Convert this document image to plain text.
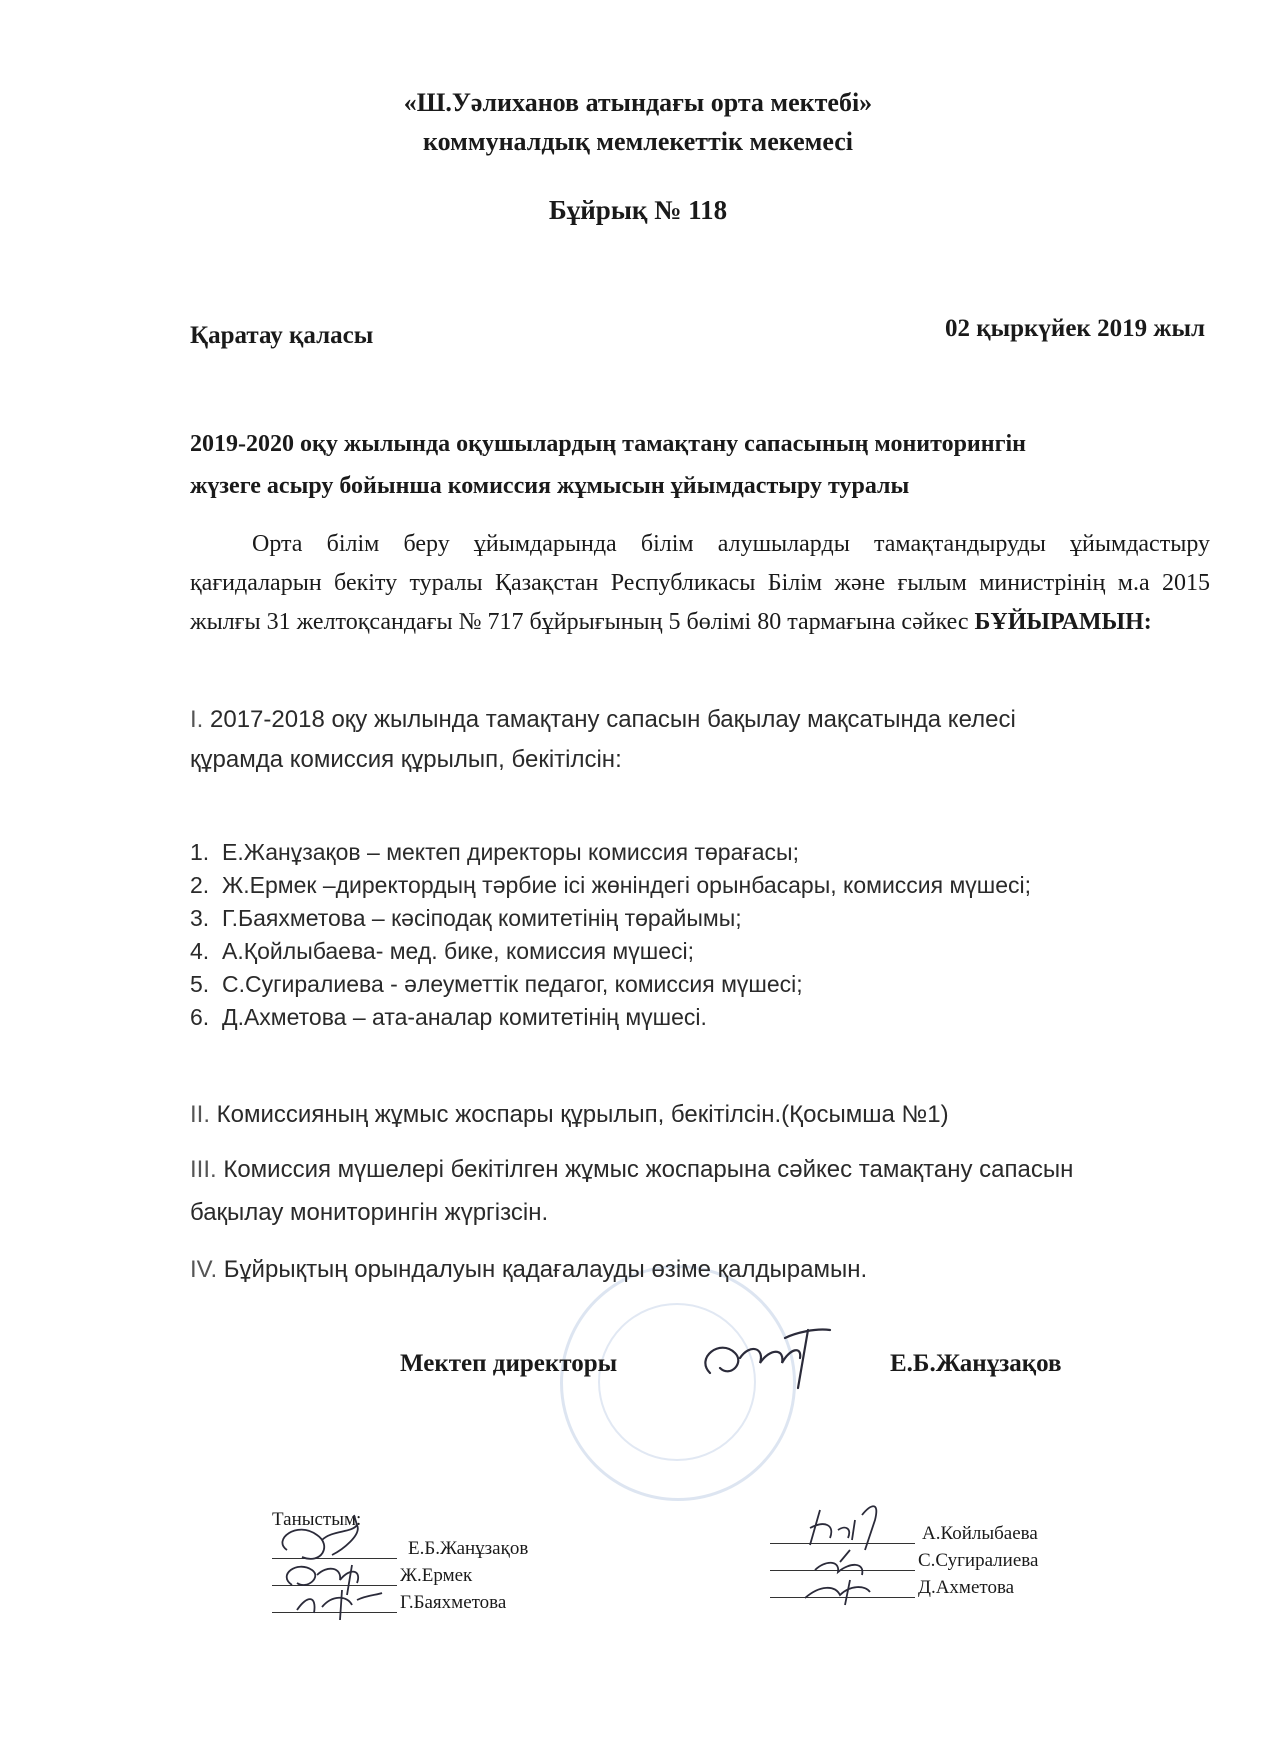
«Ш.Уәлиханов атындағы орта мектебі»
коммуналдық мемлекеттік мекемесі
Бұйрық № 118
Қаратау қаласы	02 қыркүйек 2019 жыл
2019-2020 оқу жылында оқушылардың тамақтану сапасының мониторингін
жүзеге асыру бойынша комиссия жұмысын ұйымдастыру туралы
Орта білім беру ұйымдарында білім алушыларды тамақтандыруды ұйымдастыру қағидаларын бекіту туралы Қазақстан Республикасы Білім және ғылым министрінің м.а 2015 жылғы 31 желтоқсандағы № 717 бұйрығының 5 бөлімі 80 тармағына сәйкес БҰЙЫРАМЫН:
I. 2017-2018 оқу жылында тамақтану сапасын бақылау мақсатында келесі
құрамда комиссия құрылып, бекітілсін:
1. Е.Жанұзақов – мектеп директоры комиссия төрағасы;
2. Ж.Ермек –директордың тәрбие ісі жөніндегі орынбасары, комиссия мүшесі;
3. Г.Баяхметова – кәсіподақ комитетінің төрайымы;
4. А.Қойлыбаева- мед. бике, комиссия мүшесі;
5. С.Сугиралиева - әлеуметтік педагог, комиссия мүшесі;
6. Д.Ахметова – ата-аналар комитетінің мүшесі.
II. Комиссияның жұмыс жоспары құрылып, бекітілсін.(Қосымша №1)
III. Комиссия мүшелері бекітілген жұмыс жоспарына сәйкес тамақтану сапасын
бақылау мониторингін жүргізсін.
IV. Бұйрықтың орындалуын қадағалауды өзіме қалдырамын.
Мектеп директоры	Е.Б.Жанұзақов
Таныстым:
Е.Б.Жанұзақов
Ж.Ермек
Г.Баяхметова
А.Койлыбаева
С.Сугиралиева
Д.Ахметова
